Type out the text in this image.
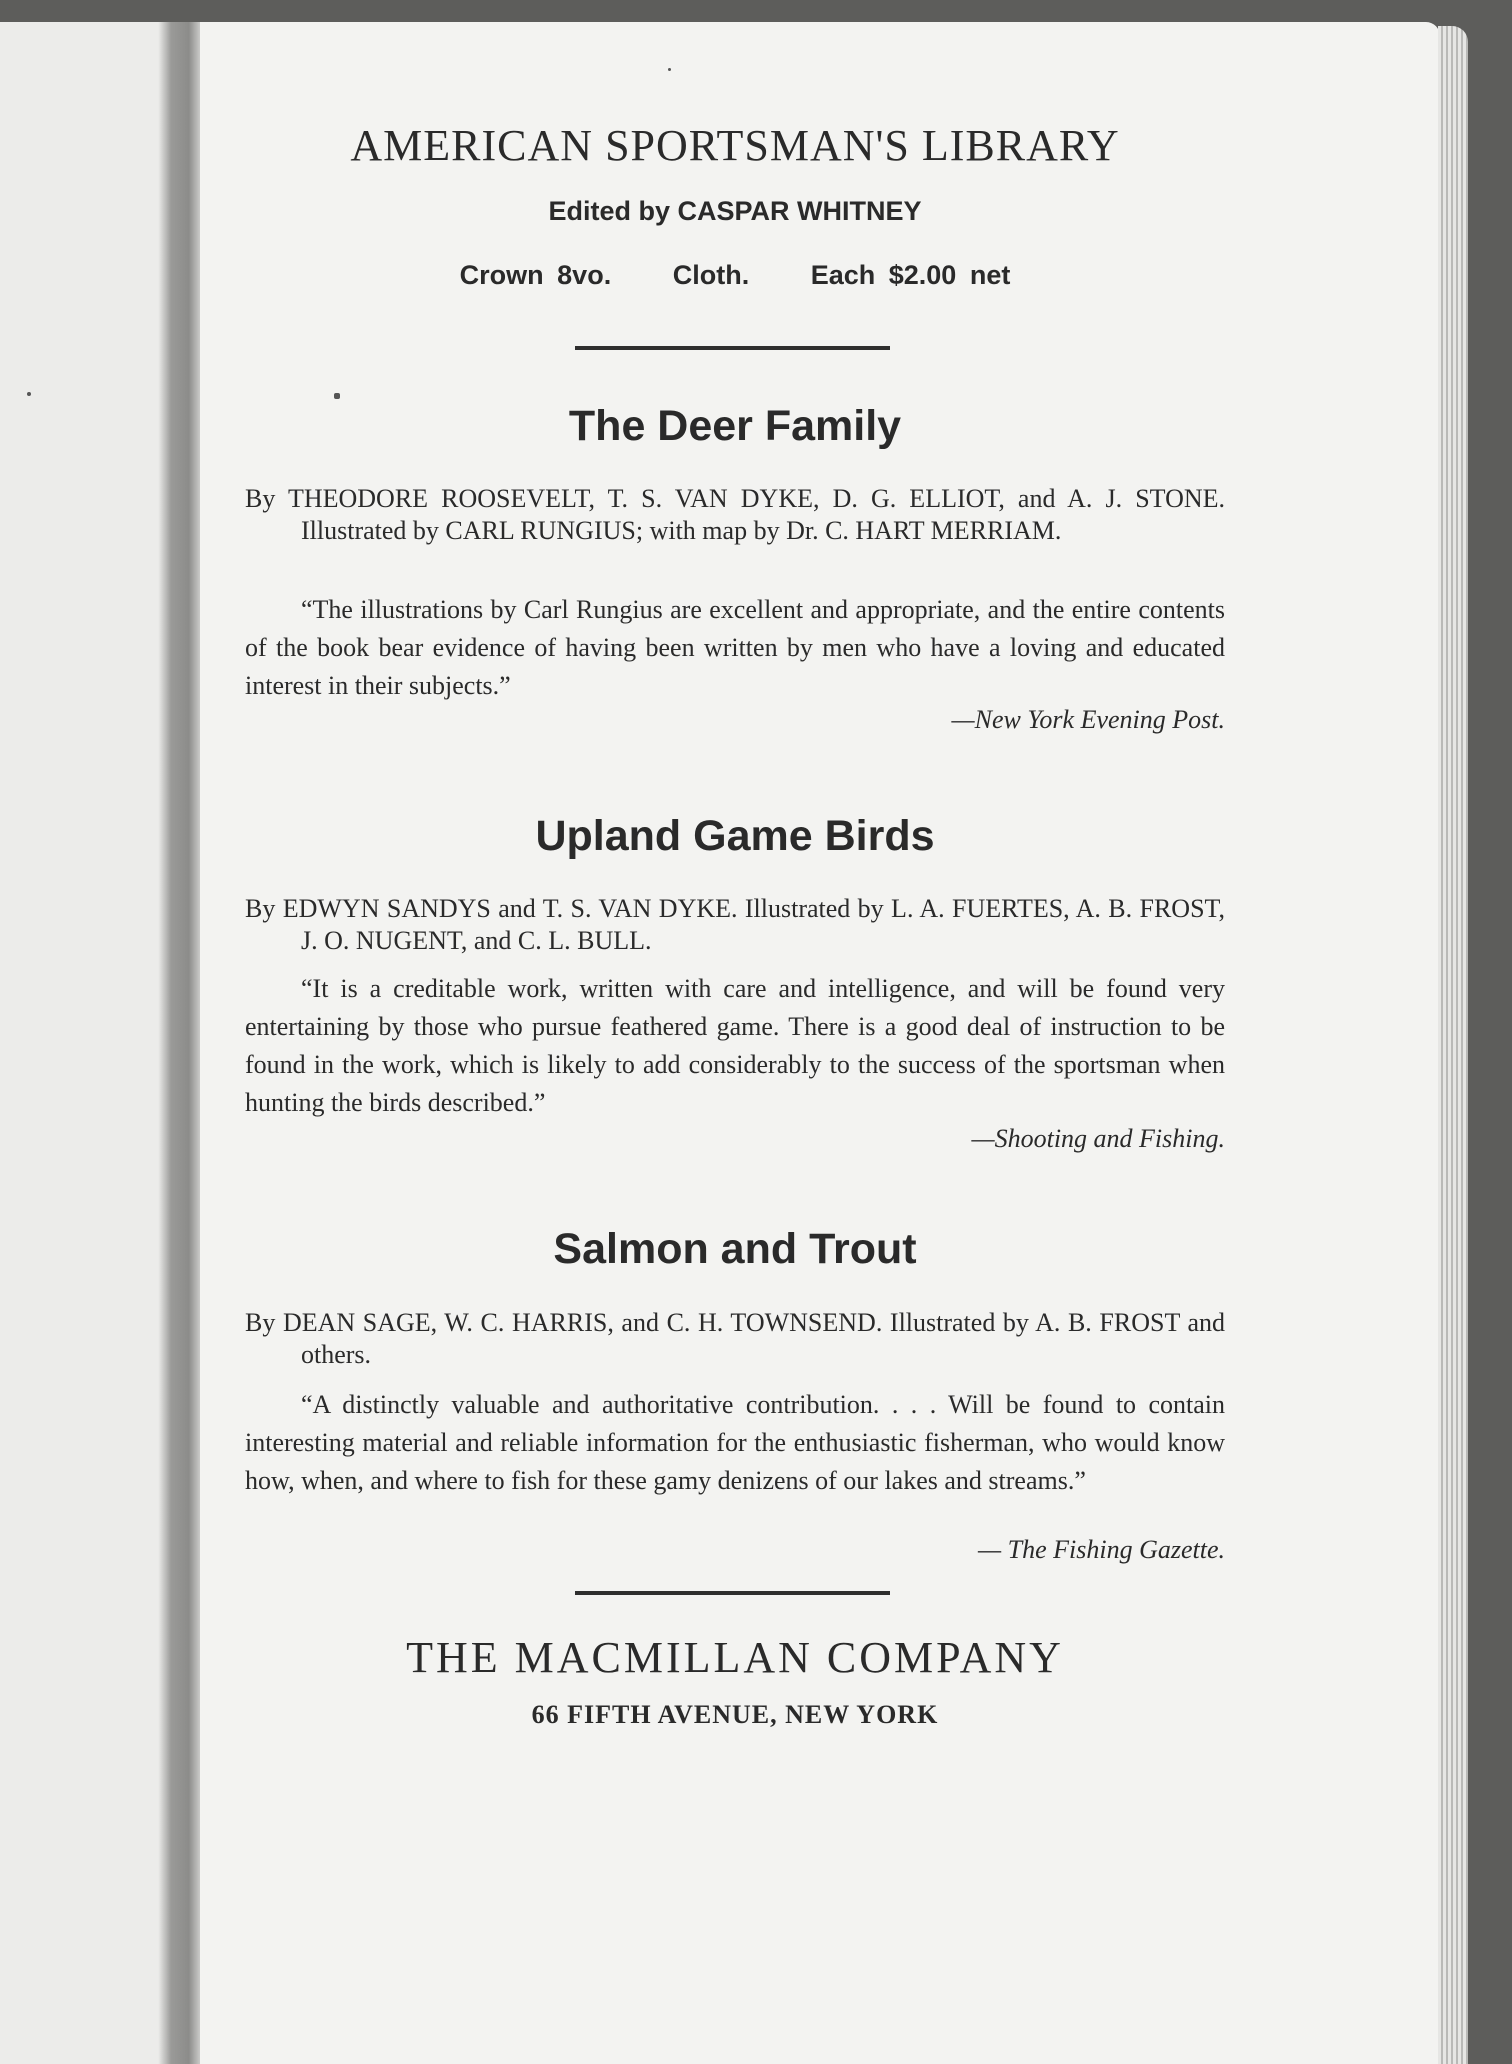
AMERICAN SPORTSMAN'S LIBRARY
Edited by CASPAR WHITNEY
Crown 8vo. Cloth. Each $2.00 net
The Deer Family
By THEODORE ROOSEVELT, T. S. VAN DYKE, D. G. ELLIOT, and A. J. STONE. Illustrated by CARL RUNGIUS; with map by Dr. C. HART MERRIAM.
“The illustrations by Carl Rungius are excellent and appropriate, and the entire contents of the book bear evidence of having been written by men who have a loving and educated interest in their subjects.”
—New York Evening Post.
Upland Game Birds
By EDWYN SANDYS and T. S. VAN DYKE. Illustrated by L. A. FUERTES, A. B. FROST, J. O. NUGENT, and C. L. BULL.
“It is a creditable work, written with care and intelligence, and will be found very entertaining by those who pursue feathered game. There is a good deal of instruction to be found in the work, which is likely to add considerably to the success of the sportsman when hunting the birds described.”
—Shooting and Fishing.
Salmon and Trout
By DEAN SAGE, W. C. HARRIS, and C. H. TOWNSEND. Illustrated by A. B. FROST and others.
“A distinctly valuable and authoritative contribution. . . . Will be found to contain interesting material and reliable information for the enthusiastic fisherman, who would know how, when, and where to fish for these gamy denizens of our lakes and streams.”
— The Fishing Gazette.
THE MACMILLAN COMPANY
66 FIFTH AVENUE, NEW YORK
